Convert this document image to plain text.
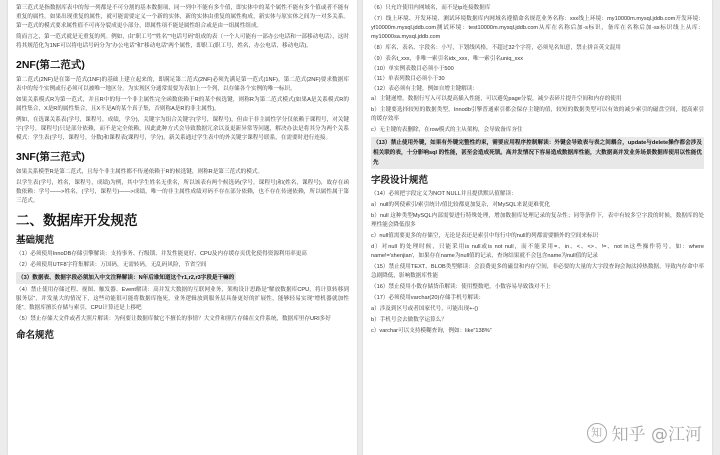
第三范式是指数据库表中的每一列都是不可分割的基本数据项，同一列中不能有多个值，即实体中的某个属性不能有多个值或者不能有重复的属性。如果出现重复的属性，就可能需要定义一个新的实体，新的实体由重复的属性构成，新实体与原实体之间为一对多关系。第一范式的模式要求属性值不可再分裂成更小部分，即属性项不能是属性组合或是由一组属性组成。

简而言之，第一范式就是无重复的列。例如，由“职工号”“姓名”“电话号码”组成的表（一个人可能有一部办公电话和一部移动电话），这时将其规范化为1NF可以将电话号码分为“办公电话”和“移动电话”两个属性，即职工(职工号，姓名，办公电话，移动电话)。

2NF(第二范式)

第二范式(2NF)是在第一范式(1NF)的基础上建立起来的，即满足第二范式(2NF)必须先满足第一范式(1NF)。第二范式(2NF)要求数据库表中的每个实例或行必须可以被唯一地区分。为实现区分通常需要为表加上一个列，以存储各个实例的唯一标识。

如果关系模式R为第一范式，并且R中的每一个非主属性完全函数依赖于R的某个候选键，则称R为第二范式模式(如果A是关系模式R的属性集合，X是R的属性集合，且X不是A的某个真子集，否则称A是R的非主属性)。

例如，在选课关系表(学号，课程号，成绩，学分)，关键字为组合关键字(学号，课程号)，但由于非主属性学分仅依赖于课程号，对关键字(学号，课程号)只是部分依赖，而不是完全依赖，因此此种方式会导致数据冗余以及更新异常等问题，解决办法是将其分为两个关系模式：学生表(学号，课程号，分数)和课程表(课程号，学分)，新关系通过学生表中的外关键字课程号联系，在需要时进行连接。

3NF(第三范式)

如果关系模型R是第二范式，且每个非主属性都不传递依赖于R的候选键，则称R是第三范式的模式。

以学生表(学号，姓名，课程号，成绩)为例，其中学生姓名无重名，所以该表有两个候选码(学号，课程号)和(姓名，课程号)，故存在函数依赖：学号——>姓名，(学号，课程号)——>成绩，唯一的非主属性成绩对码不存在部分依赖，也不存在传递依赖，所以属性属于第三范式。

二、数据库开发规范
基础规范

（1）必须使用InnoDB存储引擎解读：支持事务、行级锁、并发性能更好、CPU及内存缓存页优化使得资源利用率更高

（2）必须使用UTF8字符集解读：万国码，无需转码，无乱码风险，节省空间

（3）数据表、数据字段必须加入中文注释解读：N年后谁知道这个r1,r2,r3字段是干嘛的

（4）禁止使用存储过程、视图、触发器、Event解读：高并发大数据的互联网业务，架构设计思路是“解放数据库CPU，将计算转移到服务层”，并发量大的情况下，这些功能很可能将数据库拖死，业务逻辑放到服务层具备更好的扩展性，能够轻易实现“增机器就加性能”。数据库擅长存储与索引，CPU计算还是上移吧

（5）禁止存储大文件或者大照片解读：为何要让数据库做它不擅长的事情？大文件和照片存储在文件系统，数据库里存URI多好

命名规范

（6）只允许使用内网域名，而不是ip连接数据库

（7）线上环境、开发环境、测试环境数据库内网域名遵循命名规范业务名称：xxx线上环境：my10000m.mysql.jddb.com开发环境：yf10000m.mysql.jddb.com测试环境：test10000m.mysql.jddb.com从库在名称后加-s标识，备库在名称后加-ss标识线上从库：my10000sa.mysql.jddb.com

（8）库名、表名、字段名：小写，下划线风格，不超过32个字符，必须见名知意，禁止拼音英文混用

（9）表名t_xxx，非唯一索引名idx_xxx，唯一索引名uniq_xxx

（10）单实例表数目必须小于500

（11）单表列数目必须小于30

（12）表必须有主键，例如自增主键解读：

a）主键递增，数据行写入可以提高插入性能，可以避免page分裂，减少表碎片提升空间和内存的使用

b）主键要选择较短的数据类型，Innodb引擎普通索引都会保存主键的值，较短的数据类型可以有效的减少索引的磁盘空间，提高索引的缓存效率

c）无主键的表删除，在row模式的主从架构，会导致备库夯住

（13）禁止使用外键，如果有外键完整性约束，需要应用程序控制解读：外键会导致表与表之间耦合，update与delete操作都会涉及相关联的表，十分影响sql 的性能，甚至会造成死锁。高并发情况下容易造成数据库性能，大数据高并发业务场景数据库使用以性能优先

字段设计规范

（14）必须把字段定义为NOT NULL并且提供默认值解读：

a）null的列使索引/索引统计/值比较都更加复杂，对MySQL来说更难优化

b）null 这种类型MySQL内部需要进行特殊处理，增加数据库处理记录的复杂性；同等条件下，表中有较多空字段的时候，数据库的处理性能会降低很多

c）null值需要更多的存储空，无论是表还是索引中每行中的null的列都需要额外的空间来标识

d）对null 的处理时候，只能采用is null或is not null，而不能采用=、in、<、<>、!=、not in这些操作符号。如：where name!='shenjian'，如果存在name为null值的记录，查询结果就不会包含name为null值的记录

（15）禁止使用TEXT、BLOB类型解读：会浪费更多的磁盘和内存空间，非必要的大量的大字段查询会淘汰掉热数据，导致内存命中率急剧降低，影响数据库性能

（16）禁止使用小数存储货币解读：使用整数吧，小数容易导致钱对不上

（17）必须使用varchar(20)存储手机号解读：

a）涉及到区号或者国家代号，可能出现+-()

b）手机号会去做数学运算么？

c）varchar可以支持模糊查询，例如：like“138%”

知 知乎 @江河
